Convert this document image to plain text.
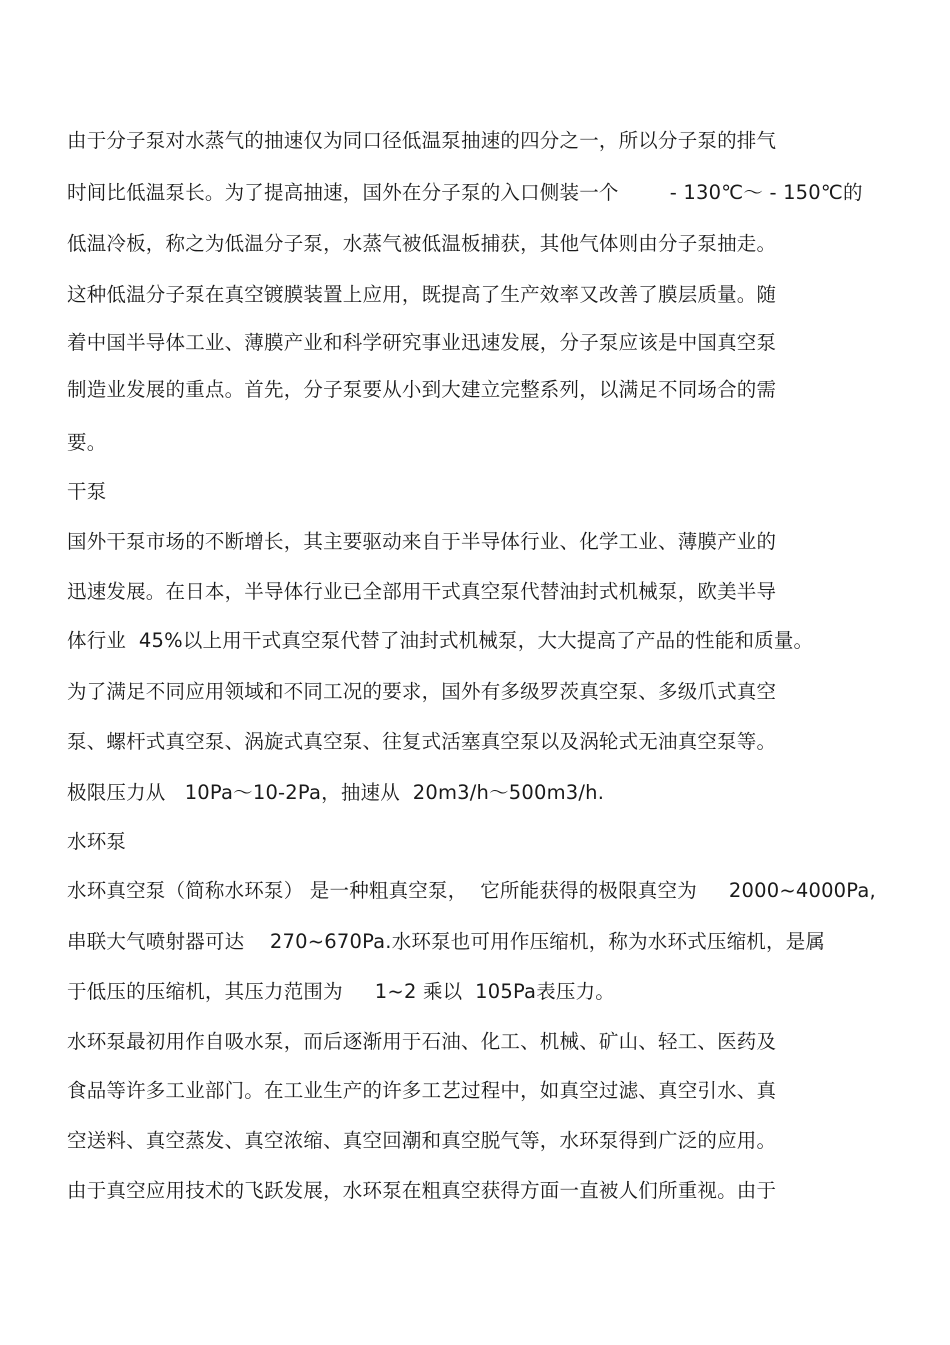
由于分子泵对水蒸气的抽速仅为同口径低温泵抽速的四分之一，所以分子泵的排气
时间比低温泵长。为了提高抽速，国外在分子泵的入口侧装一个        - 130℃～ - 150℃的
低温冷板，称之为低温分子泵，水蒸气被低温板捕获，其他气体则由分子泵抽走。
这种低温分子泵在真空镀膜装置上应用，既提高了生产效率又改善了膜层质量。随
着中国半导体工业、薄膜产业和科学研究事业迅速发展，分子泵应该是中国真空泵
制造业发展的重点。首先，分子泵要从小到大建立完整系列，以满足不同场合的需
要。
干泵
国外干泵市场的不断增长，其主要驱动来自于半导体行业、化学工业、薄膜产业的
迅速发展。在日本，半导体行业已全部用干式真空泵代替油封式机械泵，欧美半导
体行业  45%以上用干式真空泵代替了油封式机械泵，大大提高了产品的性能和质量。
为了满足不同应用领域和不同工况的要求，国外有多级罗茨真空泵、多级爪式真空
泵、螺杆式真空泵、涡旋式真空泵、往复式活塞真空泵以及涡轮式无油真空泵等。
极限压力从   10Pa～10-2Pa，抽速从  20m3/h～500m3/h.
水环泵
水环真空泵（简称水环泵） 是一种粗真空泵，  它所能获得的极限真空为     2000~4000Pa,
串联大气喷射器可达    270~670Pa.水环泵也可用作压缩机，称为水环式压缩机，是属
于低压的压缩机，其压力范围为     1~2 乘以  105Pa表压力。
水环泵最初用作自吸水泵，而后逐渐用于石油、化工、机械、矿山、轻工、医药及
食品等许多工业部门。在工业生产的许多工艺过程中，如真空过滤、真空引水、真
空送料、真空蒸发、真空浓缩、真空回潮和真空脱气等，水环泵得到广泛的应用。
由于真空应用技术的飞跃发展，水环泵在粗真空获得方面一直被人们所重视。由于
